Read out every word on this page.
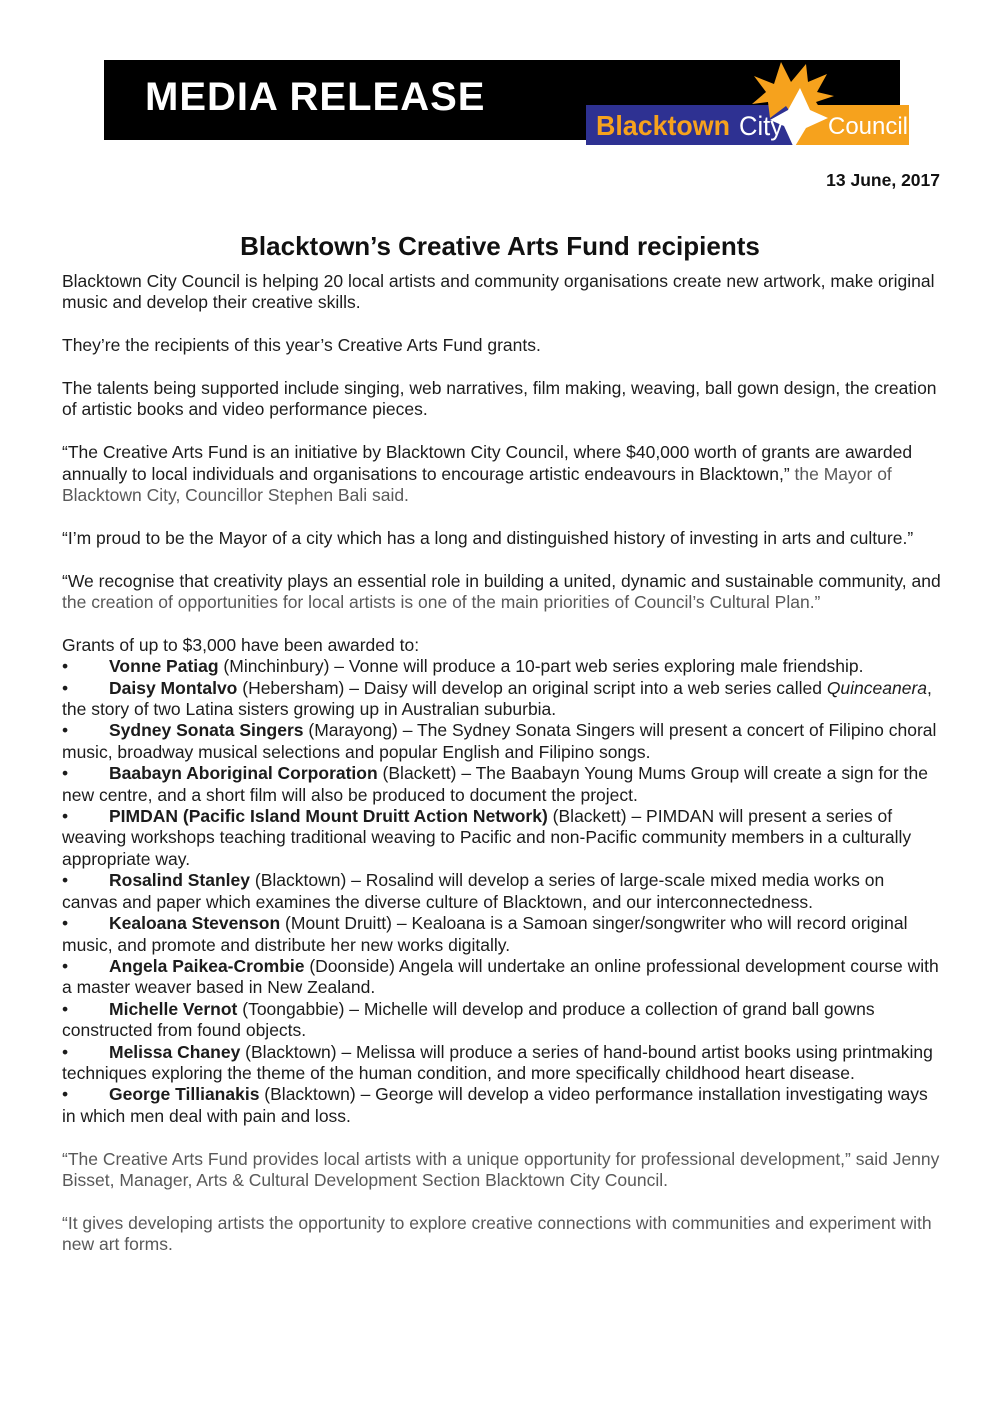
MEDIA RELEASE
Blacktown City Council
13 June, 2017
Blacktown’s Creative Arts Fund recipients

Blacktown City Council is helping 20 local artists and community organisations create new artwork, make original music and develop their creative skills.

They’re the recipients of this year’s Creative Arts Fund grants.

The talents being supported include singing, web narratives, film making, weaving, ball gown design, the creation of artistic books and video performance pieces.

“The Creative Arts Fund is an initiative by Blacktown City Council, where $40,000 worth of grants are awarded annually to local individuals and organisations to encourage artistic endeavours in Blacktown,” the Mayor of Blacktown City, Councillor Stephen Bali said.

“I’m proud to be the Mayor of a city which has a long and distinguished history of investing in arts and culture.”

“We recognise that creativity plays an essential role in building a united, dynamic and sustainable community, and the creation of opportunities for local artists is one of the main priorities of Council’s Cultural Plan.”

Grants of up to $3,000 have been awarded to:

• Vonne Patiag (Minchinbury) – Vonne will produce a 10-part web series exploring male friendship.
• Daisy Montalvo (Hebersham) – Daisy will develop an original script into a web series called Quinceanera, the story of two Latina sisters growing up in Australian suburbia.
• Sydney Sonata Singers (Marayong) – The Sydney Sonata Singers will present a concert of Filipino choral music, broadway musical selections and popular English and Filipino songs.
• Baabayn Aboriginal Corporation (Blackett) – The Baabayn Young Mums Group will create a sign for the new centre, and a short film will also be produced to document the project.
• PIMDAN (Pacific Island Mount Druitt Action Network) (Blackett) – PIMDAN will present a series of weaving workshops teaching traditional weaving to Pacific and non-Pacific community members in a culturally appropriate way.
• Rosalind Stanley (Blacktown) – Rosalind will develop a series of large-scale mixed media works on canvas and paper which examines the diverse culture of Blacktown, and our interconnectedness.
• Kealoana Stevenson (Mount Druitt) – Kealoana is a Samoan singer/songwriter who will record original music, and promote and distribute her new works digitally.
• Angela Paikea-Crombie (Doonside) Angela will undertake an online professional development course with a master weaver based in New Zealand.
• Michelle Vernot (Toongabbie) – Michelle will develop and produce a collection of grand ball gowns constructed from found objects.
• Melissa Chaney (Blacktown) – Melissa will produce a series of hand-bound artist books using printmaking techniques exploring the theme of the human condition, and more specifically childhood heart disease.
• George Tillianakis (Blacktown) – George will develop a video performance installation investigating ways in which men deal with pain and loss.

“The Creative Arts Fund provides local artists with a unique opportunity for professional development,” said Jenny Bisset, Manager, Arts & Cultural Development Section Blacktown City Council.

“It gives developing artists the opportunity to explore creative connections with communities and experiment with new art forms.
